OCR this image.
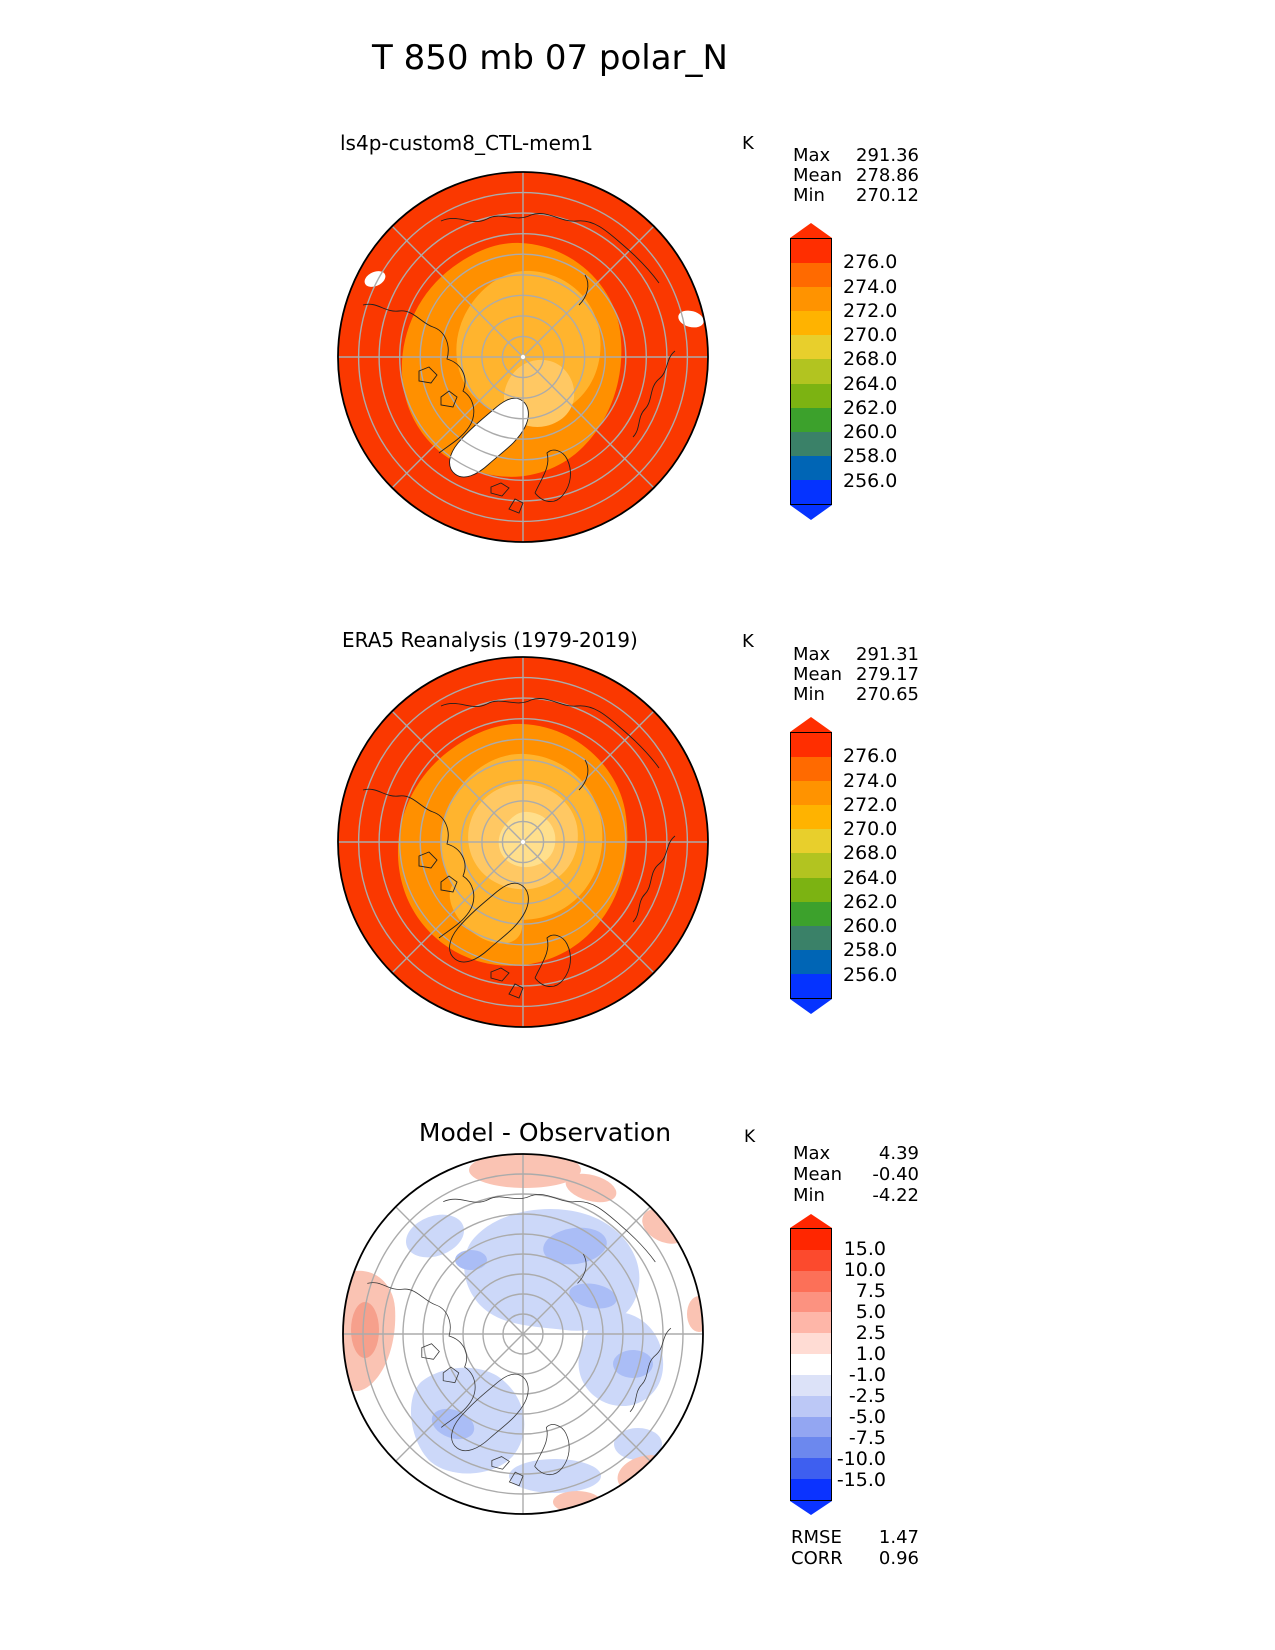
T 850 mb 07 polar_N
ls4p-custom8_CTL-mem1	K
Max 291.36
Mean 278.86
Min 270.12
276.0
274.0
272.0
270.0
268.0
264.0
262.0
260.0
258.0
256.0
ERA5 Reanalysis (1979-2019)	K
Max 291.31
Mean 279.17
Min 270.65
276.0
274.0
272.0
270.0
268.0
264.0
262.0
260.0
258.0
256.0
Model - Observation	K
Max	4.39
Mean -0.40
Min	-4.22
15.0
10.0
7.5
5.0
2.5
1.0
-1.0
-2.5
-5.0
-7.5
-10.0
-15.0
RMSE 1.47
CORR 0.96
